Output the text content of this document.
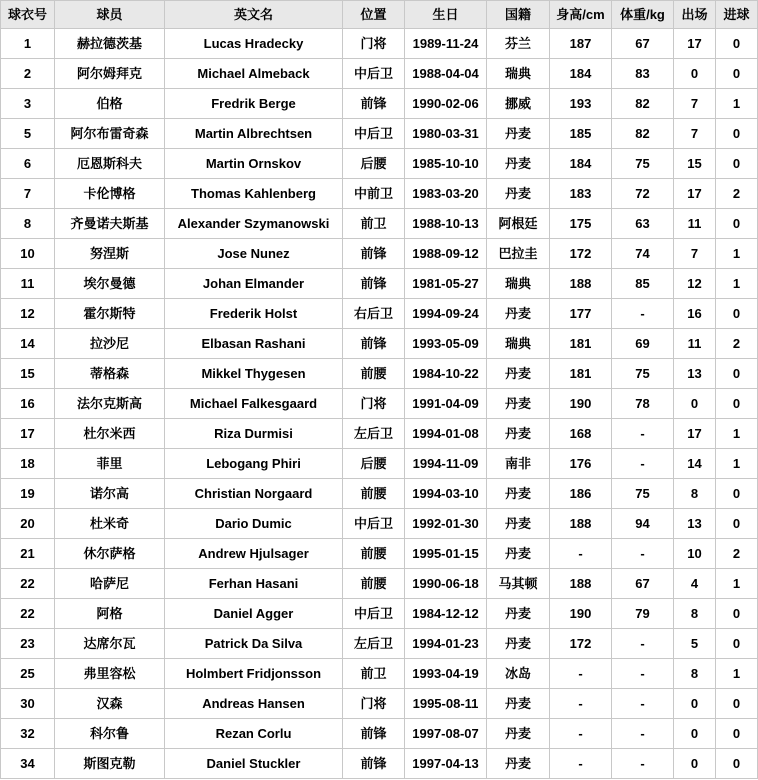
球衣号	球员	英文名	位置	生日	国籍	身高/cm	体重/kg	出场	进球
1	赫拉德茨基	Lucas Hradecky	门将	1989-11-24	芬兰	187	67	17	0
2	阿尔姆拜克	Michael Almeback	中后卫	1988-04-04	瑞典	184	83	0	0
3	伯格	Fredrik Berge	前锋	1990-02-06	挪威	193	82	7	1
5	阿尔布雷奇森	Martin Albrechtsen	中后卫	1980-03-31	丹麦	185	82	7	0
6	厄恩斯科夫	Martin Ornskov	后腰	1985-10-10	丹麦	184	75	15	0
7	卡伦博格	Thomas Kahlenberg	中前卫	1983-03-20	丹麦	183	72	17	2
8	齐曼诺夫斯基	Alexander Szymanowski	前卫	1988-10-13	阿根廷	175	63	11	0
10	努涅斯	Jose Nunez	前锋	1988-09-12	巴拉圭	172	74	7	1
11	埃尔曼德	Johan Elmander	前锋	1981-05-27	瑞典	188	85	12	1
12	霍尔斯特	Frederik Holst	右后卫	1994-09-24	丹麦	177	-	16	0
14	拉沙尼	Elbasan Rashani	前锋	1993-05-09	瑞典	181	69	11	2
15	蒂格森	Mikkel Thygesen	前腰	1984-10-22	丹麦	181	75	13	0
16	法尔克斯高	Michael Falkesgaard	门将	1991-04-09	丹麦	190	78	0	0
17	杜尔米西	Riza Durmisi	左后卫	1994-01-08	丹麦	168	-	17	1
18	菲里	Lebogang Phiri	后腰	1994-11-09	南非	176	-	14	1
19	诺尔高	Christian Norgaard	前腰	1994-03-10	丹麦	186	75	8	0
20	杜米奇	Dario Dumic	中后卫	1992-01-30	丹麦	188	94	13	0
21	休尔萨格	Andrew Hjulsager	前腰	1995-01-15	丹麦	-	-	10	2
22	哈萨尼	Ferhan Hasani	前腰	1990-06-18	马其顿	188	67	4	1
22	阿格	Daniel Agger	中后卫	1984-12-12	丹麦	190	79	8	0
23	达席尔瓦	Patrick Da Silva	左后卫	1994-01-23	丹麦	172	-	5	0
25	弗里容松	Holmbert Fridjonsson	前卫	1993-04-19	冰岛	-	-	8	1
30	汉森	Andreas Hansen	门将	1995-08-11	丹麦	-	-	0	0
32	科尔鲁	Rezan Corlu	前锋	1997-08-07	丹麦	-	-	0	0
34	斯图克勒	Daniel Stuckler	前锋	1997-04-13	丹麦	-	-	0	0
